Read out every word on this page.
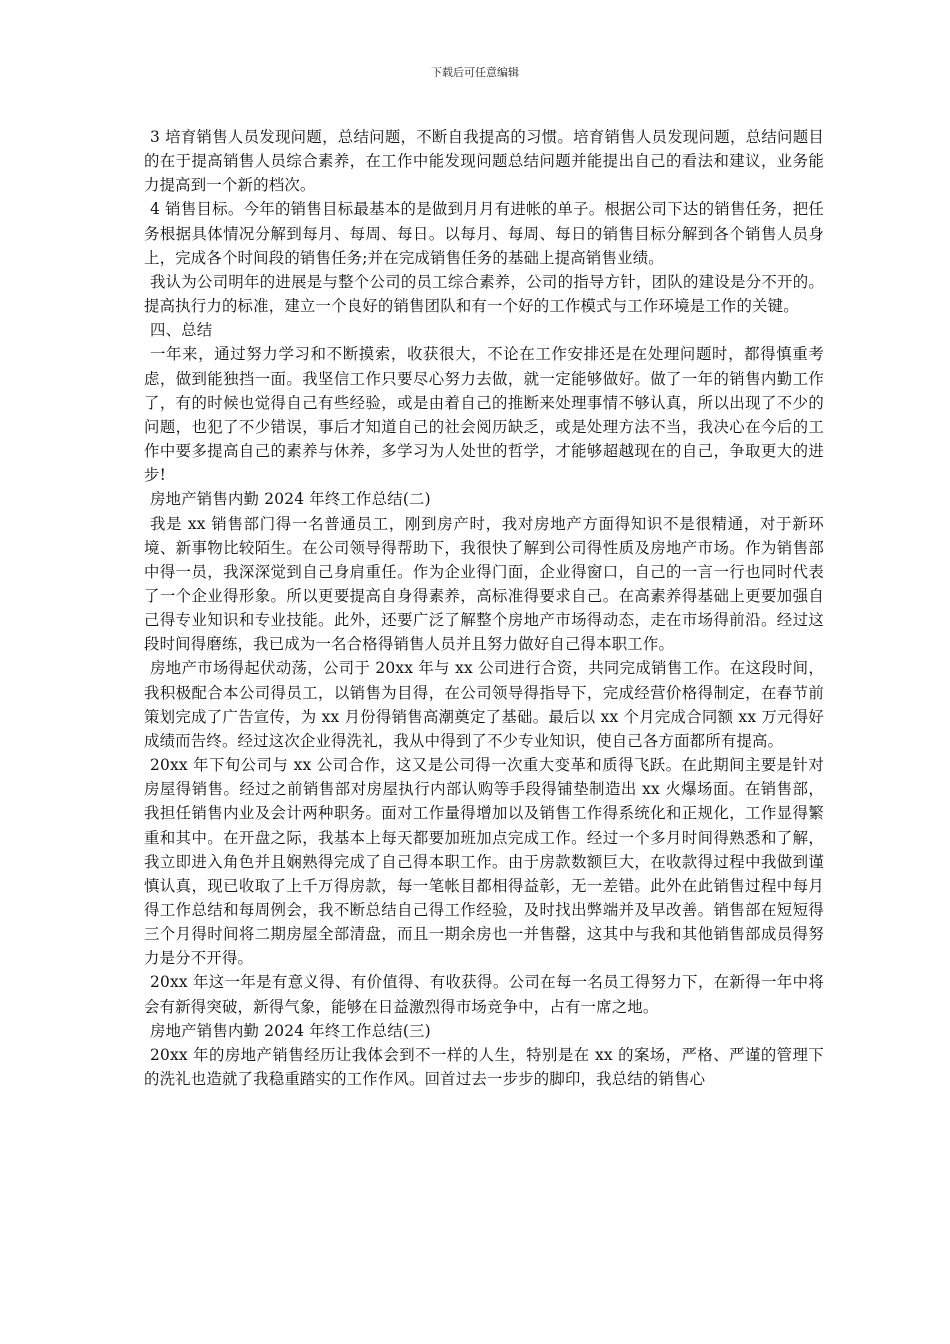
下载后可任意编辑

3 培育销售人员发现问题，总结问题，不断自我提高的习惯。培育销售人员发现问题，总结问题目的在于提高销售人员综合素养，在工作中能发现问题总结问题并能提出自己的看法和建议，业务能力提高到一个新的档次。

4 销售目标。今年的销售目标最基本的是做到月月有进帐的单子。根据公司下达的销售任务，把任务根据具体情况分解到每月、每周、每日。以每月、每周、每日的销售目标分解到各个销售人员身上，完成各个时间段的销售任务;并在完成销售任务的基础上提高销售业绩。

我认为公司明年的进展是与整个公司的员工综合素养，公司的指导方针，团队的建设是分不开的。提高执行力的标准，建立一个良好的销售团队和有一个好的工作模式与工作环境是工作的关键。

四、总结

一年来，通过努力学习和不断摸索，收获很大，不论在工作安排还是在处理问题时，都得慎重考虑，做到能独挡一面。我坚信工作只要尽心努力去做，就一定能够做好。做了一年的销售内勤工作了，有的时候也觉得自己有些经验，或是由着自己的推断来处理事情不够认真，所以出现了不少的问题，也犯了不少错误，事后才知道自己的社会阅历缺乏，或是处理方法不当，我决心在今后的工作中要多提高自己的素养与休养，多学习为人处世的哲学，才能够超越现在的自己，争取更大的进步!

房地产销售内勤 2024 年终工作总结(二)

我是 xx 销售部门得一名普通员工，刚到房产时，我对房地产方面得知识不是很精通，对于新环境、新事物比较陌生。在公司领导得帮助下，我很快了解到公司得性质及房地产市场。作为销售部中得一员，我深深觉到自己身肩重任。作为企业得门面，企业得窗口，自己的一言一行也同时代表了一个企业得形象。所以更要提高自身得素养，高标准得要求自己。在高素养得基础上更要加强自己得专业知识和专业技能。此外，还要广泛了解整个房地产市场得动态，走在市场得前沿。经过这段时间得磨练，我已成为一名合格得销售人员并且努力做好自己得本职工作。

房地产市场得起伏动荡，公司于 20xx 年与 xx 公司进行合资，共同完成销售工作。在这段时间，我积极配合本公司得员工，以销售为目得，在公司领导得指导下，完成经营价格得制定，在春节前策划完成了广告宣传，为 xx 月份得销售高潮奠定了基础。最后以 xx 个月完成合同额 xx 万元得好成绩而告终。经过这次企业得洗礼，我从中得到了不少专业知识，使自己各方面都所有提高。

20xx 年下旬公司与 xx 公司合作，这又是公司得一次重大变革和质得飞跃。在此期间主要是针对房屋得销售。经过之前销售部对房屋执行内部认购等手段得铺垫制造出 xx 火爆场面。在销售部，我担任销售内业及会计两种职务。面对工作量得增加以及销售工作得系统化和正规化，工作显得繁重和其中。在开盘之际，我基本上每天都要加班加点完成工作。经过一个多月时间得熟悉和了解，我立即进入角色并且娴熟得完成了自己得本职工作。由于房款数额巨大，在收款得过程中我做到谨慎认真，现已收取了上千万得房款，每一笔帐目都相得益彰，无一差错。此外在此销售过程中每月得工作总结和每周例会，我不断总结自己得工作经验，及时找出弊端并及早改善。销售部在短短得三个月得时间将二期房屋全部清盘，而且一期余房也一并售罄，这其中与我和其他销售部成员得努力是分不开得。

20xx 年这一年是有意义得、有价值得、有收获得。公司在每一名员工得努力下，在新得一年中将会有新得突破，新得气象，能够在日益激烈得市场竞争中，占有一席之地。

房地产销售内勤 2024 年终工作总结(三)

20xx 年的房地产销售经历让我体会到不一样的人生，特别是在 xx 的案场，严格、严谨的管理下的洗礼也造就了我稳重踏实的工作作风。回首过去一步步的脚印，我总结的销售心
